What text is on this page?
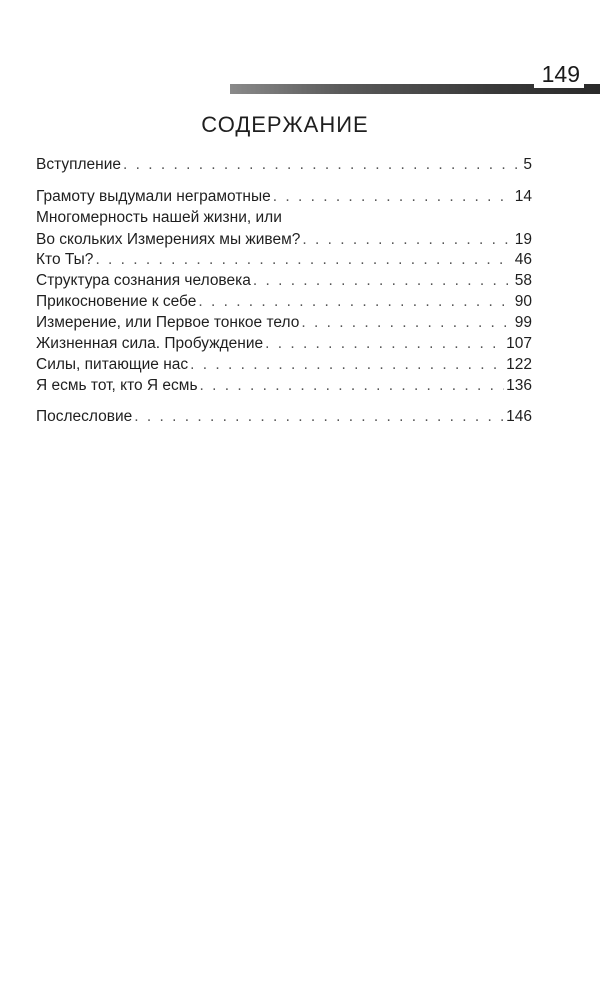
149
СОДЕРЖАНИЕ
Вступление . . .	5
Грамоту выдумали неграмотные . . .	14
Многомерность нашей жизни, или
Во скольких Измерениях мы живем? . . .	19
Кто Ты? . . .	46
Структура сознания человека . . .	58
Прикосновение к себе . . .	90
Измерение, или Первое тонкое тело . . .	99
Жизненная сила. Пробуждение . . .	107
Силы, питающие нас . . .	122
Я есмь тот, кто Я есмь . . .	136
Послесловие . . .	146
